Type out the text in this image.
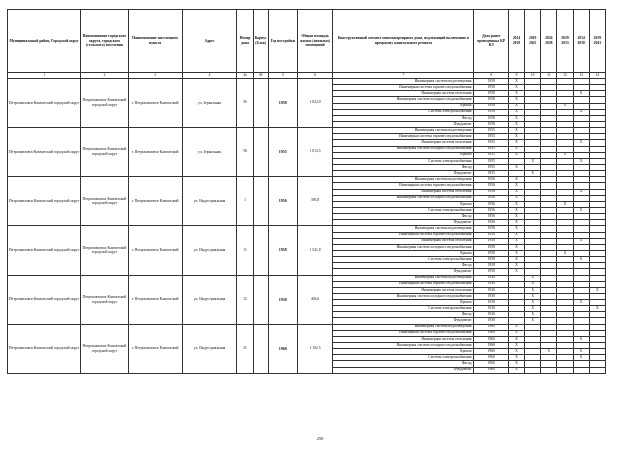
Муниципальный район, Городской округ	Наименование городского округа, городского (сельского) поселения	Наименование населенного пункта	Адрес	Номер дома	Корпус (Блок)	Год постройки	Общая площадь жилых (нежилых) помещений	Конструктивный элемент многоквартирного дома, подлежащий включению в программу капитального ремонта	Дата ранее проведенных КР КЭ	2014 2018	2019 2023	2024 2028	2029 2033	2034 2038	2039 2043
1	2	3	4	4а	4б	5	6	7	8	9	10	11	12	13	14
Петропавловск-Камчатский городской округ	Петропавловск-Камчатский городской округ	г. Петропавловск-Камчатский	ул. Зеркальная	56		1958	1 022,0	Инженерная система водоотведения	1958	X					
								Инженерная система горячего водоснабжения	1958	X					
								Инженерная система отопления	1958	X				X	
								Инженерная система холодного водоснабжения	1958	X					
								Крыша	1958	X			X		
								Система электроснабжения	1958	X				X	
								Фасад	1958	X					
								Фундамент	1958	X					
Петропавловск-Камчатский городской округ	Петропавловск-Камчатский городской округ	г. Петропавловск-Камчатский	ул. Зеркальная	58		1955	1 013,5	Инженерная система водоотведения	1955	X					
								Инженерная система горячего водоснабжения	1955	X					
								Инженерная система отопления	1955	X				X	
								Инженерная система холодного водоснабжения	1955	X					
								Крыша	1955	X			X		
								Система электроснабжения	1955		X			X	
								Фасад	1955	X					
								Фундамент	1955		X				
Петропавловск-Камчатский городской округ	Петропавловск-Камчатский городской округ	г. Петропавловск-Камчатский	ул. Индустриальная	1		1956	385,8	Инженерная система водоотведения	1956	X					
								Инженерная система горячего водоснабжения	1956	X					
								Инженерная система отопления	1956	X				X	
								Инженерная система холодного водоснабжения	1956	X					
								Крыша	1956	X			X		
								Система электроснабжения	1956	X				X	
								Фасад	1956	X					
								Фундамент	1956	X					
Петропавловск-Камчатский городской округ	Петропавловск-Камчатский городской округ	г. Петропавловск-Камчатский	ул. Индустриальная	11		1958	1 541,8	Инженерная система водоотведения	1958	X					
								Инженерная система горячего водоснабжения	1958	X					
								Инженерная система отопления	1958	X				X	
								Инженерная система холодного водоснабжения	1958	X					
								Крыша	1958	X			X		
								Система электроснабжения	1958	X				X	
								Фасад	1958	X					
								Фундамент	1958	X					
Петропавловск-Камчатский городской округ	Петропавловск-Камчатский городской округ	г. Петропавловск-Камчатский	ул. Индустриальная	12		1930	404,6	Инженерная система водоотведения	1930		X				
								Инженерная система горячего водоснабжения	1930		X				
								Инженерная система отопления	1930		X				X
								Инженерная система холодного водоснабжения	1930		X				
								Крыша	1930		X			X	
								Система электроснабжения	1930		X				X
								Фасад	1930		X				
								Фундамент	1930		X				
Петропавловск-Камчатский городской округ	Петропавловск-Камчатский городской округ	г. Петропавловск-Камчатский	ул. Индустриальная	21		1960	1 102,5	Инженерная система водоотведения	1960	X					
								Инженерная система горячего водоснабжения	1960	X					
								Инженерная система отопления	1960	X				X	
								Инженерная система холодного водоснабжения	1960	X					
								Крыша	1960	X		X		X	
								Система электроснабжения	1960	X				X	
								Фасад	1960	X					
								Фундамент	1960	X					
250
